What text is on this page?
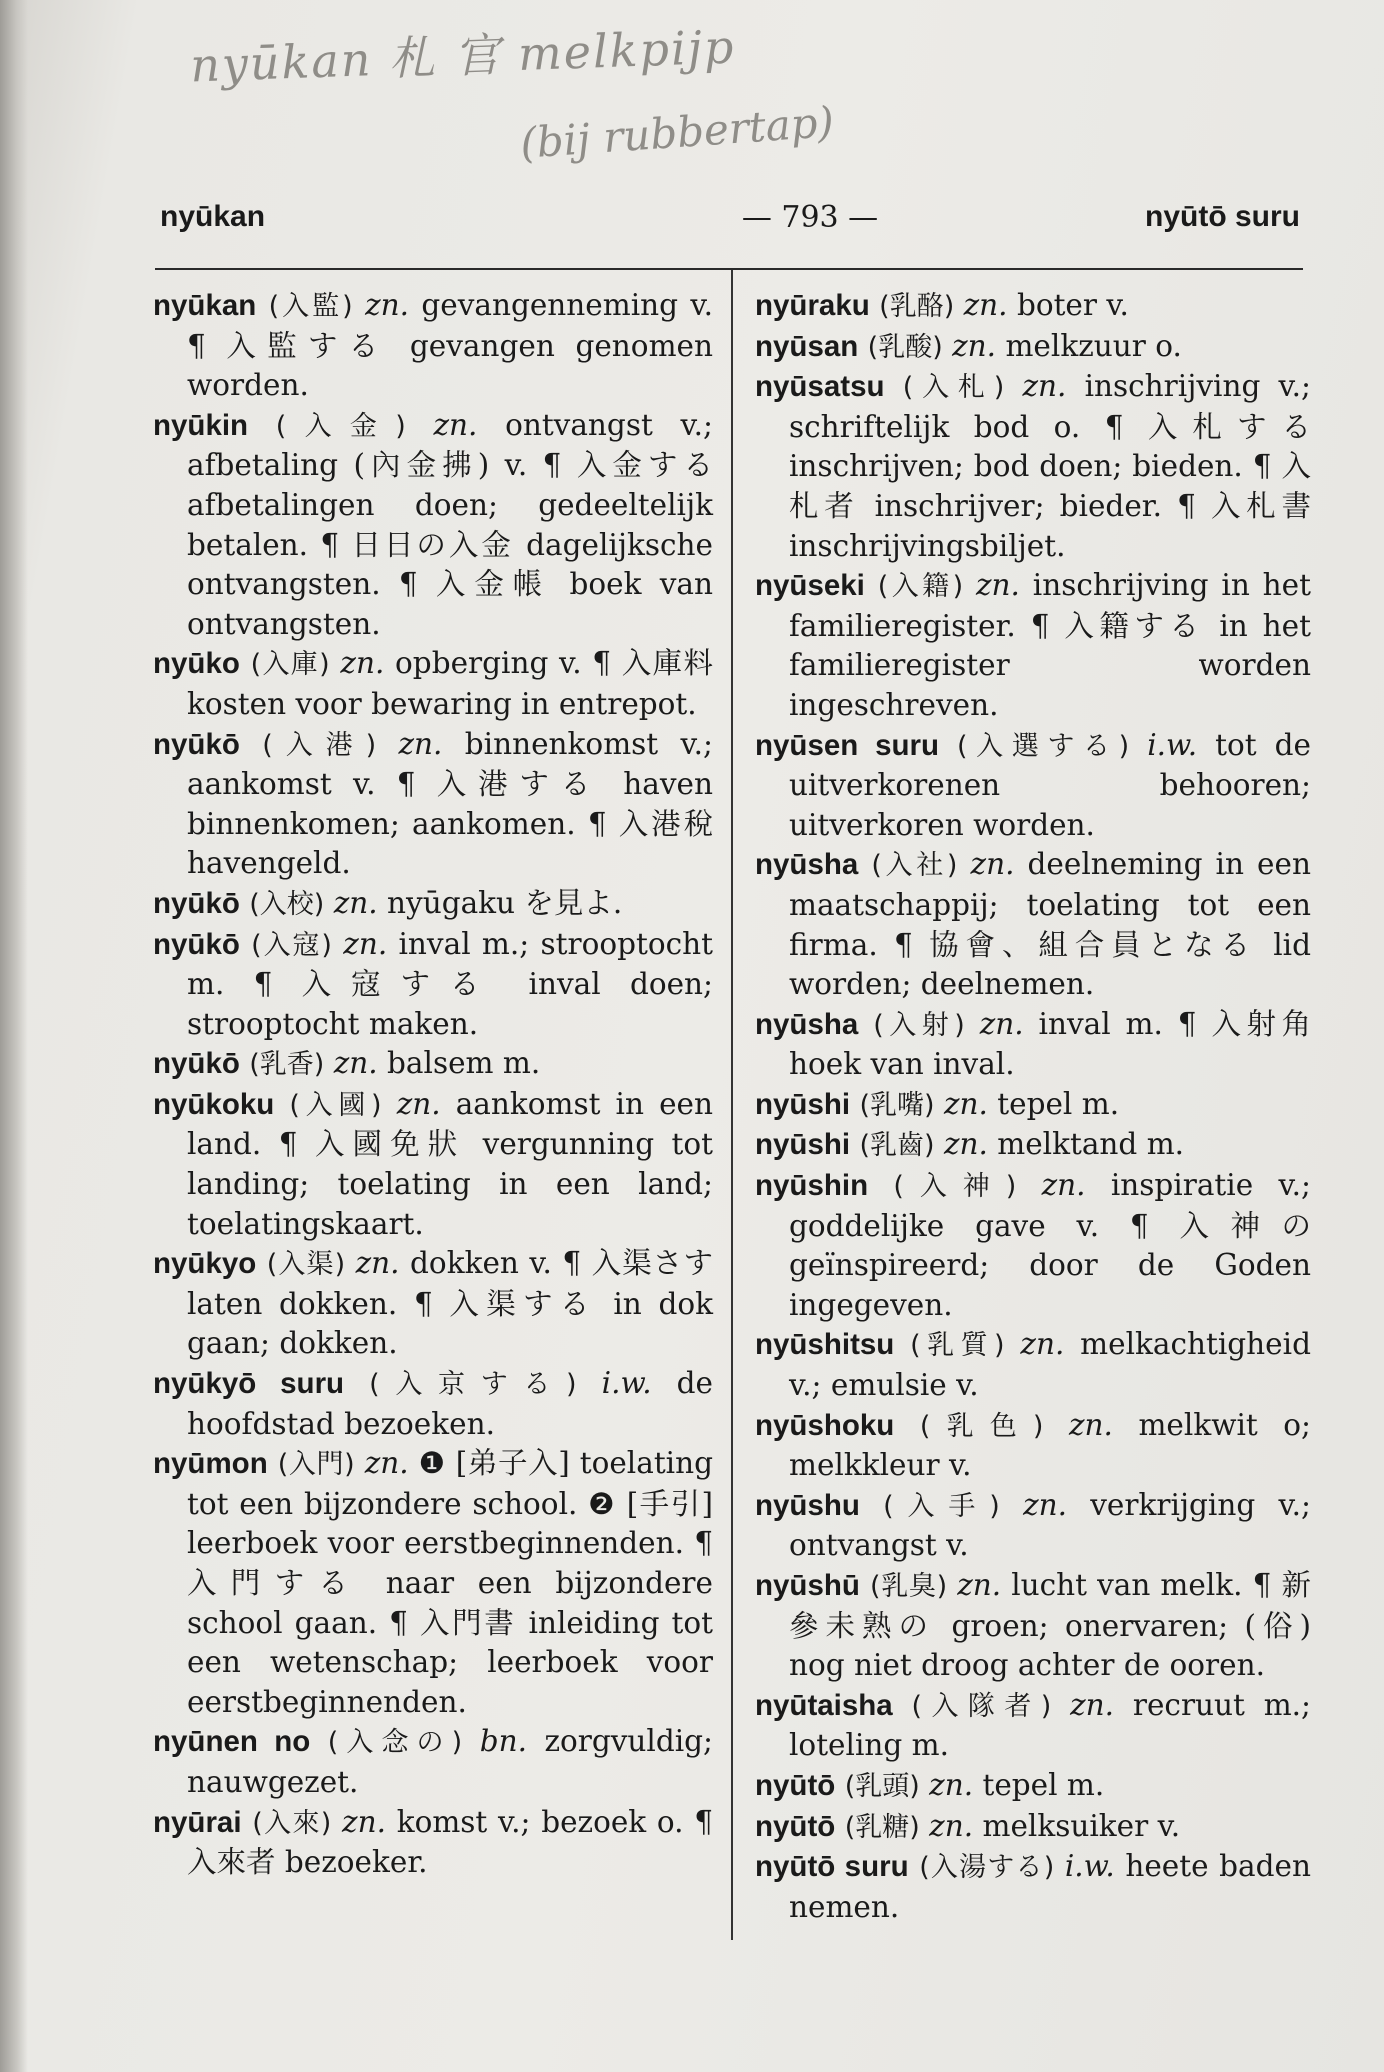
nyūkan 札 官 melkpijp
(bij rubbertap)
nyūkan	— 793 —	nyūtō suru

nyūkan (入監) zn. gevangenneming v. ¶ 入監する gevangen genomen worden.

nyūkin (入金) zn. ontvangst v.; afbetaling (內金拂) v. ¶ 入金する afbetalingen doen; gedeeltelijk betalen. ¶ 日日の入金 dagelijksche ontvangsten. ¶ 入金帳 boek van ontvangsten.

nyūko (入庫) zn. opberging v. ¶ 入庫料 kosten voor bewaring in entrepot.

nyūkō (入港) zn. binnenkomst v.; aankomst v. ¶ 入港する haven binnenkomen; aankomen. ¶ 入港稅 havengeld.

nyūkō (入校) zn. nyūgaku を見よ.

nyūkō (入寇) zn. inval m.; strooptocht m. ¶ 入寇する inval doen; strooptocht maken.

nyūkō (乳香) zn. balsem m.

nyūkoku (入國) zn. aankomst in een land. ¶ 入國免狀 vergunning tot landing; toelating in een land; toelatingskaart.

nyūkyo (入渠) zn. dokken v. ¶ 入渠さす laten dokken. ¶ 入渠する in dok gaan; dokken.

nyūkyō suru (入京する) i.w. de hoofdstad bezoeken.

nyūmon (入門) zn. ❶ [弟子入] toelating tot een bijzondere school. ❷ [手引] leerboek voor eerstbeginnenden. ¶ 入門する naar een bijzondere school gaan. ¶ 入門書 inleiding tot een wetenschap; leerboek voor eerstbeginnenden.

nyūnen no (入念の) bn. zorgvuldig; nauwgezet.

nyūrai (入來) zn. komst v.; bezoek o. ¶ 入來者 bezoeker.

nyūraku (乳酪) zn. boter v.

nyūsan (乳酸) zn. melkzuur o.

nyūsatsu (入札) zn. inschrijving v.; schriftelijk bod o. ¶ 入札する inschrijven; bod doen; bieden. ¶ 入札者 inschrijver; bieder. ¶ 入札書 inschrijvingsbiljet.

nyūseki (入籍) zn. inschrijving in het familieregister. ¶ 入籍する in het familieregister worden ingeschreven.

nyūsen suru (入選する) i.w. tot de uitverkorenen behooren; uitverkoren worden.

nyūsha (入社) zn. deelneming in een maatschappij; toelating tot een firma. ¶ 協會、組合員となる lid worden; deelnemen.

nyūsha (入射) zn. inval m. ¶ 入射角 hoek van inval.

nyūshi (乳嘴) zn. tepel m.

nyūshi (乳齒) zn. melktand m.

nyūshin (入神) zn. inspiratie v.; goddelijke gave v. ¶ 入神の geïnspireerd; door de Goden ingegeven.

nyūshitsu (乳質) zn. melkachtigheid v.; emulsie v.

nyūshoku (乳色) zn. melkwit o; melkkleur v.

nyūshu (入手) zn. verkrijging v.; ontvangst v.

nyūshū (乳臭) zn. lucht van melk. ¶ 新參未熟の groen; onervaren; (俗) nog niet droog achter de ooren.

nyūtaisha (入隊者) zn. recruut m.; loteling m.

nyūtō (乳頭) zn. tepel m.

nyūtō (乳糖) zn. melksuiker v.

nyūtō suru (入湯する) i.w. heete baden nemen.
